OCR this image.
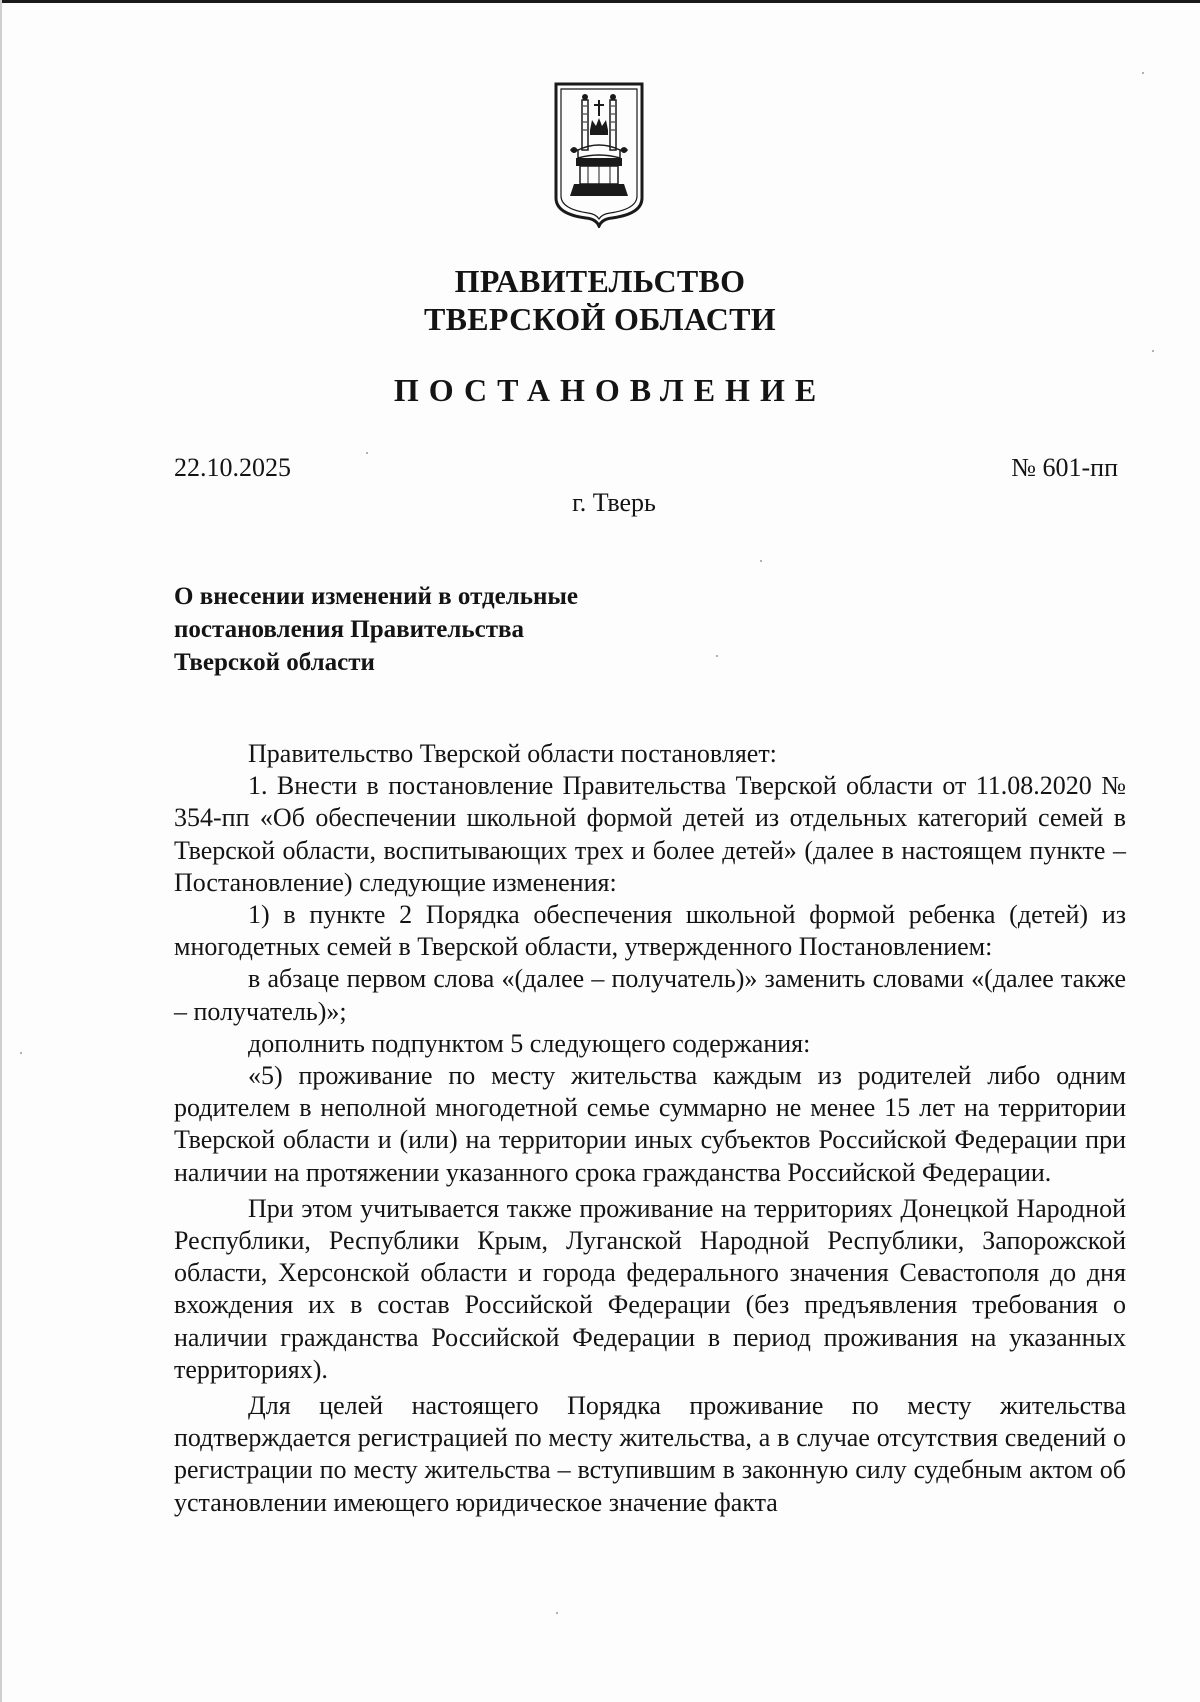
ПРАВИТЕЛЬСТВО
ТВЕРСКОЙ ОБЛАСТИ
ПОСТАНОВЛЕНИЕ
22.10.2025	№ 601-пп
г. Тверь
О внесении изменений в отдельные
постановления Правительства
Тверской области

Правительство Тверской области постановляет:

1. Внести в постановление Правительства Тверской области от 11.08.2020 № 354-пп «Об обеспечении школьной формой детей из отдельных категорий семей в Тверской области, воспитывающих трех и более детей» (далее в настоящем пункте – Постановление) следующие изменения:

1) в пункте 2 Порядка обеспечения школьной формой ребенка (детей) из многодетных семей в Тверской области, утвержденного Постановлением:

в абзаце первом слова «(далее – получатель)» заменить словами «(далее также – получатель)»;

дополнить подпунктом 5 следующего содержания:

«5) проживание по месту жительства каждым из родителей либо одним родителем в неполной многодетной семье суммарно не менее 15 лет на территории Тверской области и (или) на территории иных субъектов Российской Федерации при наличии на протяжении указанного срока гражданства Российской Федерации.

При этом учитывается также проживание на территориях Донецкой Народной Республики, Республики Крым, Луганской Народной Республики, Запорожской области, Херсонской области и города федерального значения Севастополя до дня вхождения их в состав Российской Федерации (без предъявления требования о наличии гражданства Российской Федерации в период проживания на указанных территориях).

Для целей настоящего Порядка проживание по месту жительства подтверждается регистрацией по месту жительства, а в случае отсутствия сведений о регистрации по месту жительства – вступившим в законную силу судебным актом об установлении имеющего юридическое значение факта
